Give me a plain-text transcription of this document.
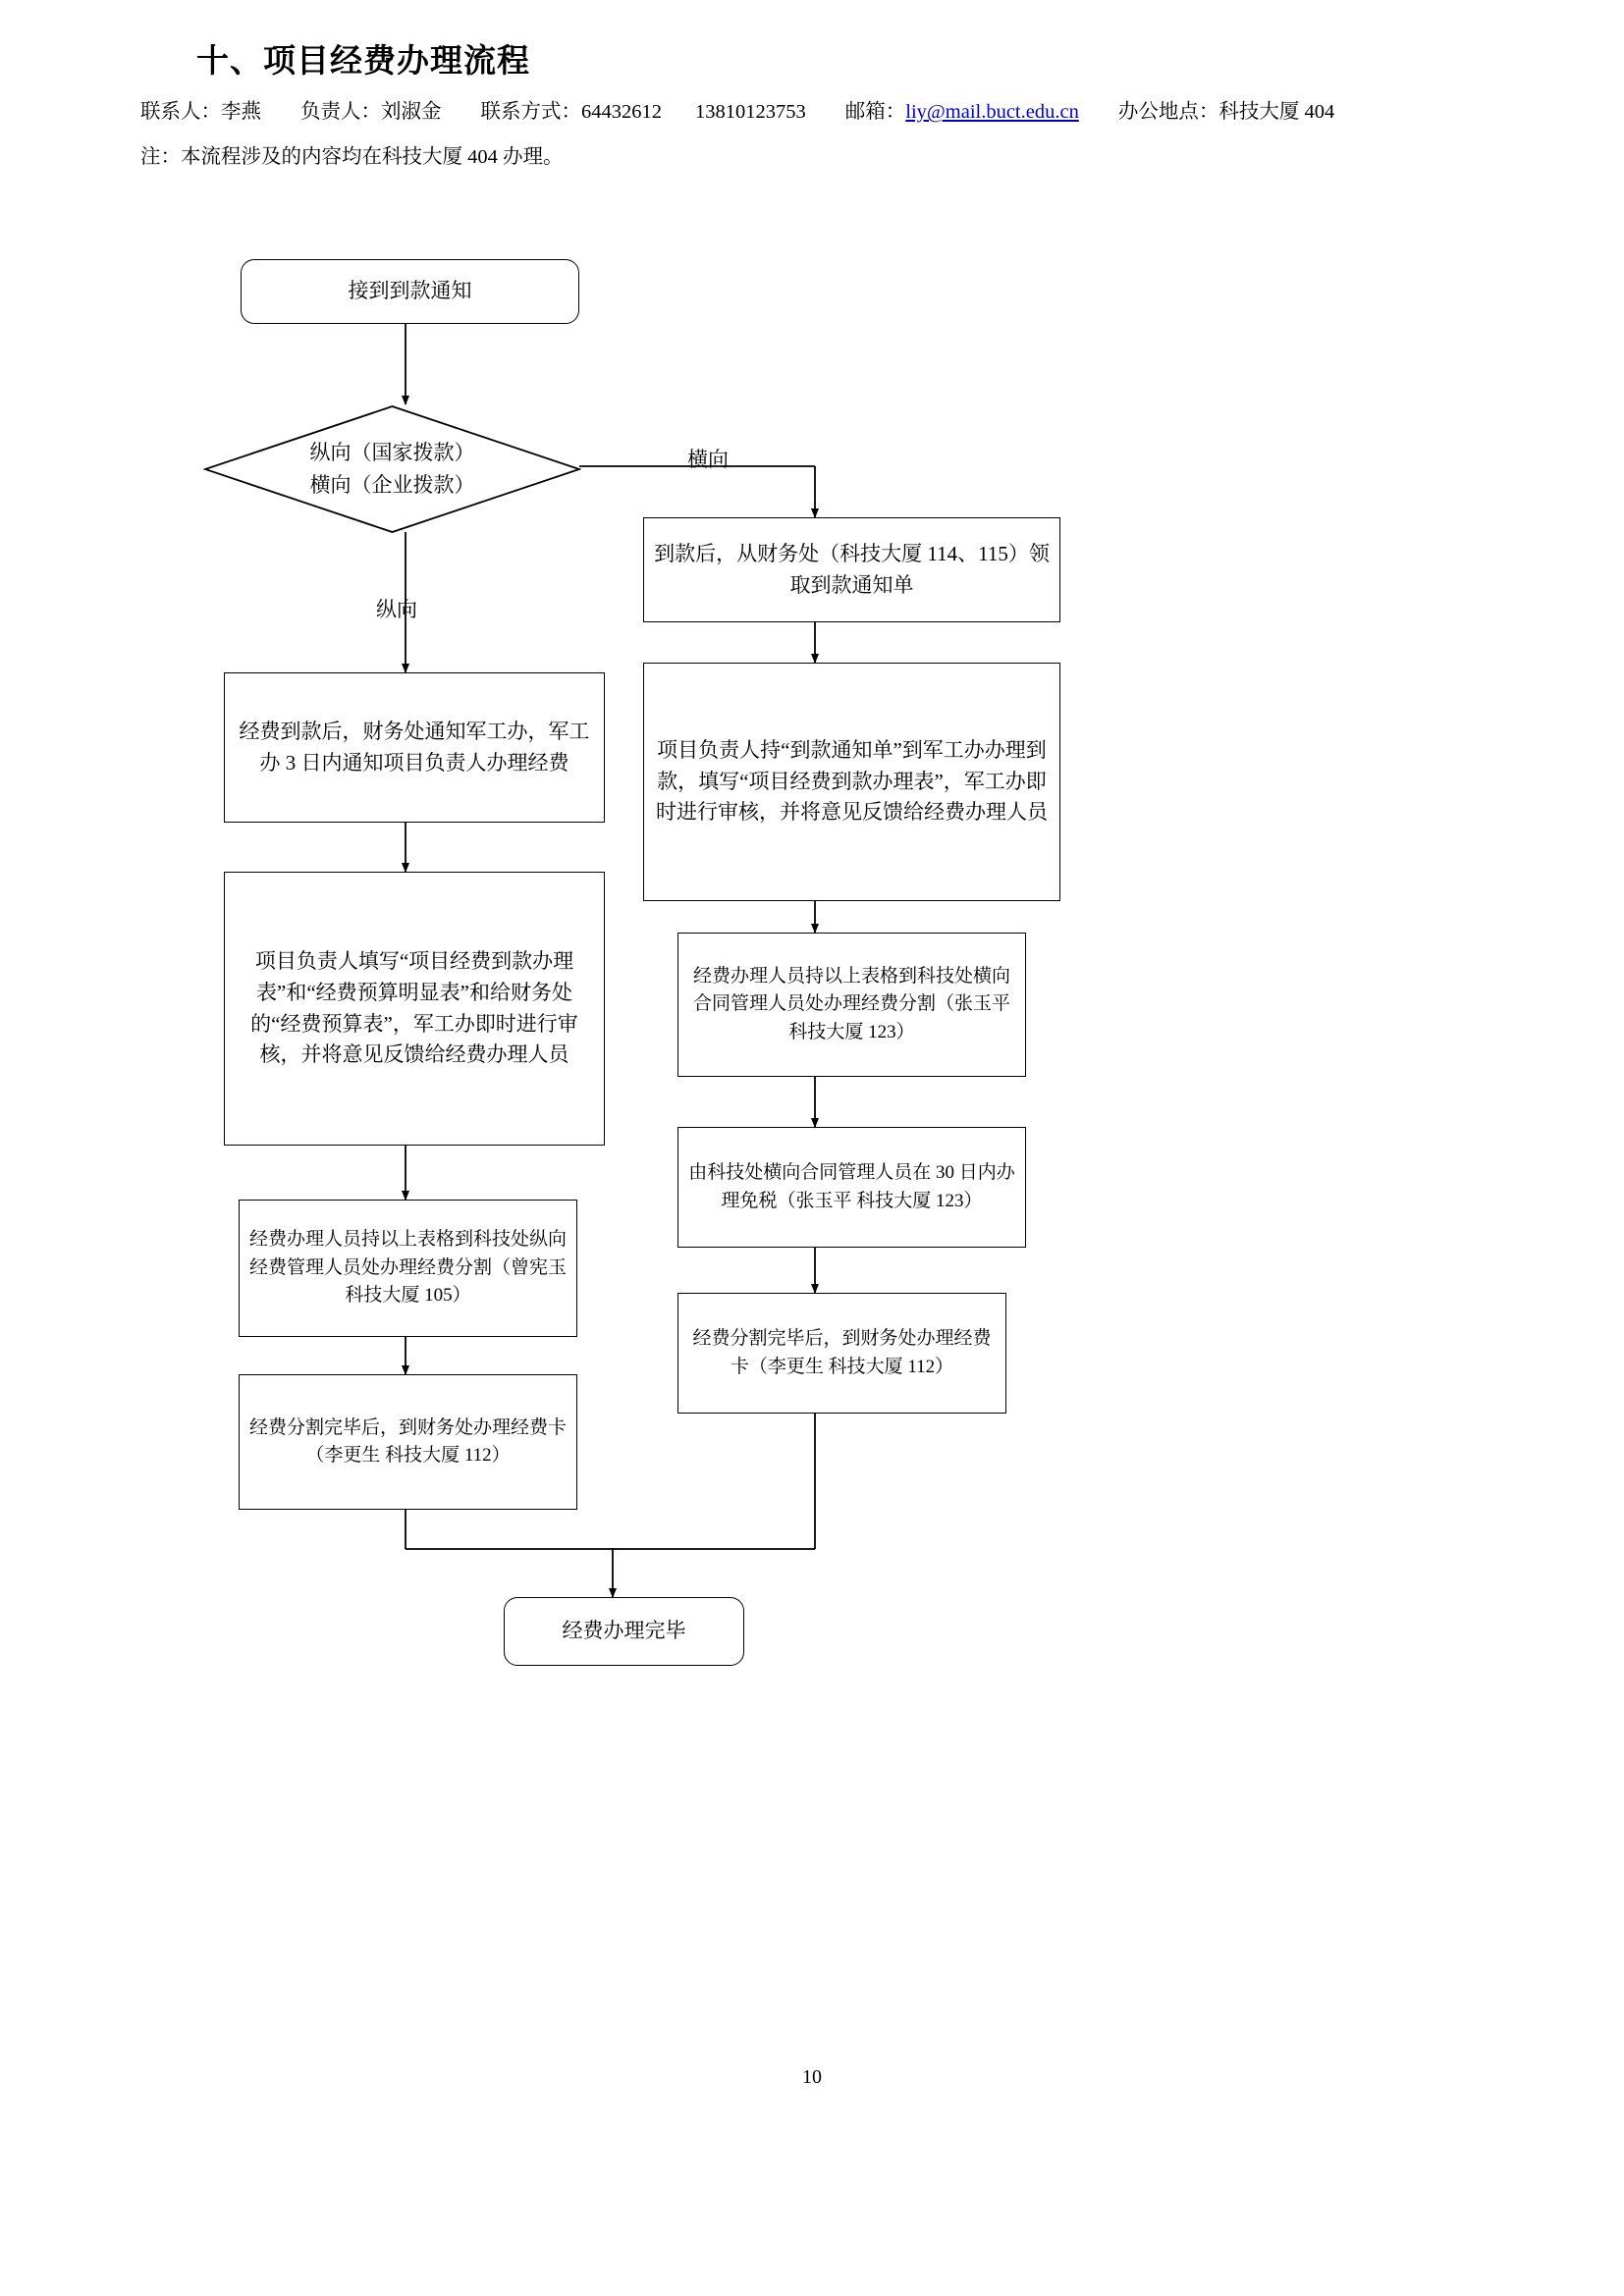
十、项目经费办理流程
联系人：李燕 负责人：刘淑金 联系方式：64432612 13810123753 邮箱：liy@mail.buct.edu.cn 办公地点：科技大厦 404
注：本流程涉及的内容均在科技大厦 404 办理。
接到到款通知
纵向（国家拨款）
横向（企业拨款）
横向
纵向
到款后，从财务处（科技大厦 114、115）领取到款通知单
项目负责人持“到款通知单”到军工办办理到款，填写“项目经费到款办理表”，军工办即时进行审核，并将意见反馈给经费办理人员
经费办理人员持以上表格到科技处横向合同管理人员处办理经费分割（张玉平 科技大厦 123）
由科技处横向合同管理人员在 30 日内办理免税（张玉平 科技大厦 123）
经费分割完毕后，到财务处办理经费卡（李更生 科技大厦 112）
经费到款后，财务处通知军工办，军工办 3 日内通知项目负责人办理经费
项目负责人填写“项目经费到款办理表”和“经费预算明显表”和给财务处的“经费预算表”，军工办即时进行审核，并将意见反馈给经费办理人员
经费办理人员持以上表格到科技处纵向经费管理人员处办理经费分割（曾宪玉 科技大厦 105）
经费分割完毕后，到财务处办理经费卡（李更生 科技大厦 112）
经费办理完毕
10
